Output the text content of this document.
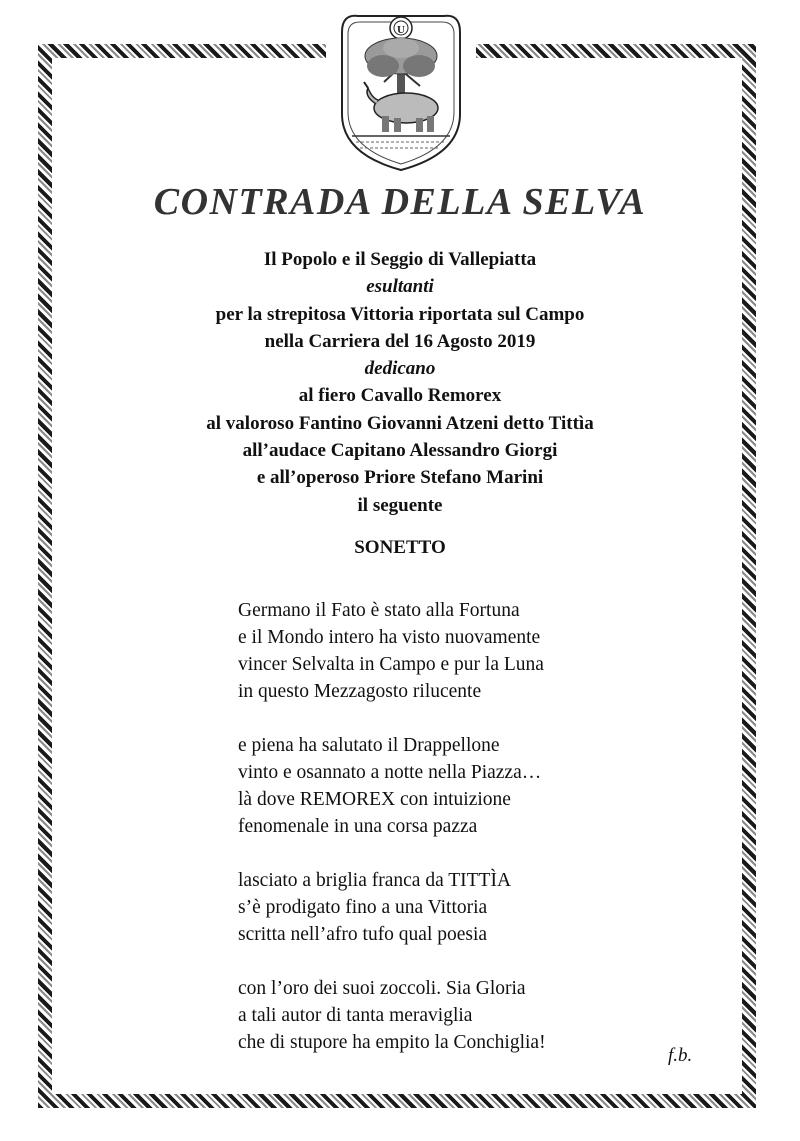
U
CONTRADA DELLA SELVA
Il Popolo e il Seggio di Vallepiatta
esultanti
per la strepitosa Vittoria riportata sul Campo
nella Carriera del 16 Agosto 2019
dedicano
al fiero Cavallo Remorex
al valoroso Fantino Giovanni Atzeni detto Tittìa
all’audace Capitano Alessandro Giorgi
e all’operoso Priore Stefano Marini
il seguente
SONETTO
Germano il Fato è stato alla Fortuna
e il Mondo intero ha visto nuovamente
vincer Selvalta in Campo e pur la Luna
in questo Mezzagosto rilucente
e piena ha salutato il Drappellone
vinto e osannato a notte nella Piazza…
là dove REMOREX con intuizione
fenomenale in una corsa pazza
lasciato a briglia franca da TITTÌA
s’è prodigato fino a una Vittoria
scritta nell’afro tufo qual poesia
con l’oro dei suoi zoccoli. Sia Gloria
a tali autor di tanta meraviglia
che di stupore ha empito la Conchiglia!
f.b.
